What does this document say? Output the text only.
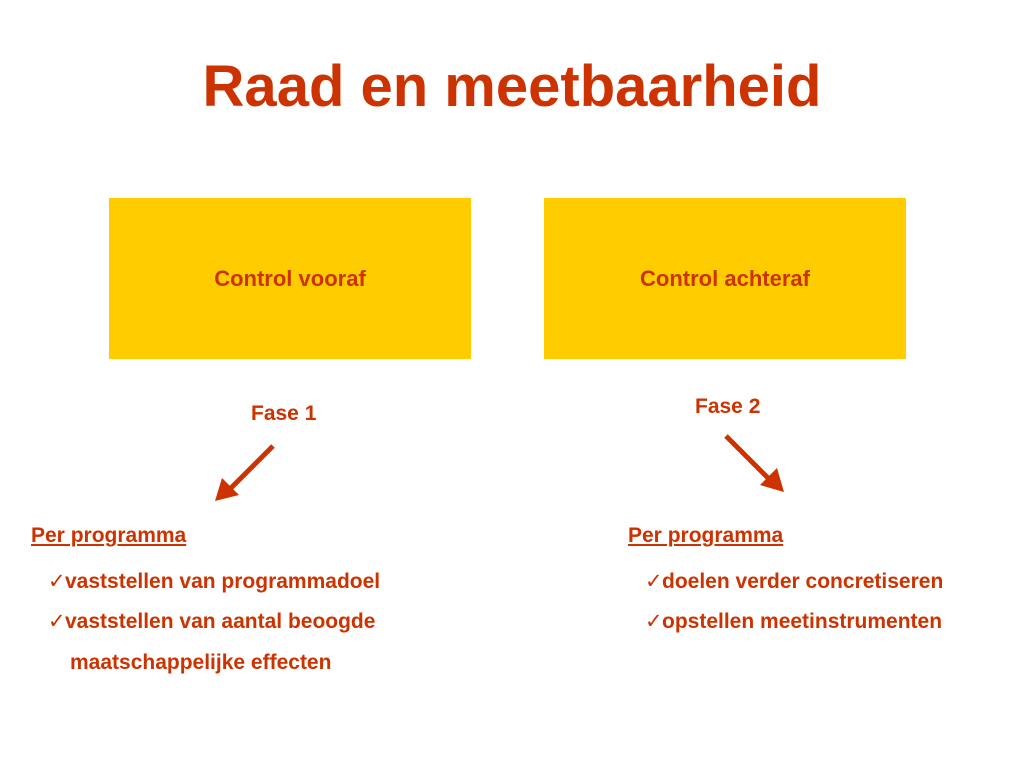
Raad en meetbaarheid
Control vooraf	Control achteraf
Fase 1	Fase 2
Per programma
✓vaststellen van programmadoel
✓vaststellen van aantal beoogde
maatschappelijke effecten
Per programma
✓doelen verder concretiseren
✓opstellen meetinstrumenten
